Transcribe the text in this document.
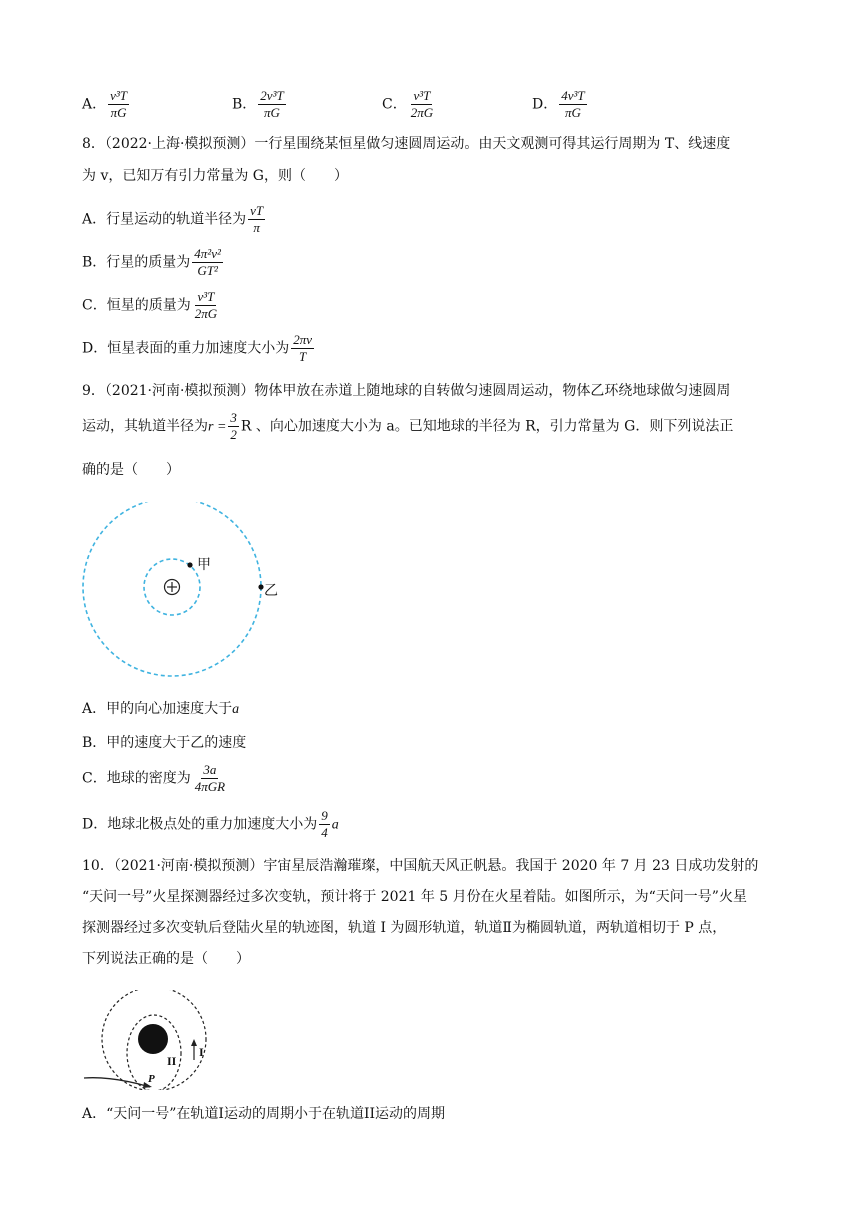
A． $\frac{\text{v³T}}{\pi G}$	B． $\frac{\text{2v³T}}{\pi G}$	C． $\frac{\text{v³T}}{2\pi G}$	D． $\frac{\text{4v³T}}{\pi G}$
8．（2022·上海·模拟预测）一行星围绕某恒星做匀速圆周运动。由天文观测可得其运行周期为 T、线速度
为 v，已知万有引力常量为 G，则（　　）
A．行星运动的轨道半径为 $\frac{vT}{\pi}$
B．行星的质量为 $\frac{\text{4π²v²}}{\text{GT²}}$
C．恒星的质量为 $\frac{\text{v³T}}{2\pi G}$
D．恒星表面的重力加速度大小为 $\frac{2\pi v}{T}$
9．（2021·河南·模拟预测）物体甲放在赤道上随地球的自转做匀速圆周运动，物体乙环绕地球做匀速圆周
运动，其轨道半径为$r = \frac{3}{2}$ R 、向心加速度大小为 a。已知地球的半径为 R，引力常量为 G．则下列说法正
确的是（　　）
甲
乙
A．甲的向心加速度大于a
B．甲的速度大于乙的速度
C．地球的密度为 $\frac{3a}{\text{4πGR}}$
D．地球北极点处的重力加速度大小为 $\frac{9}{4}$ a
10．（2021·河南·模拟预测）宇宙星辰浩瀚璀璨，中国航天风正帆悬。我国于 2020 年 7 月 23 日成功发射的
“天问一号”火星探测器经过多次变轨，预计将于 2021 年 5 月份在火星着陆。如图所示，为“天问一号”火星
探测器经过多次变轨后登陆火星的轨迹图，轨道 I 为圆形轨道，轨道Ⅱ为椭圆轨道，两轨道相切于 P 点，
下列说法正确的是（　　）
II
I
P
A．“天问一号”在轨道I运动的周期小于在轨道II运动的周期
